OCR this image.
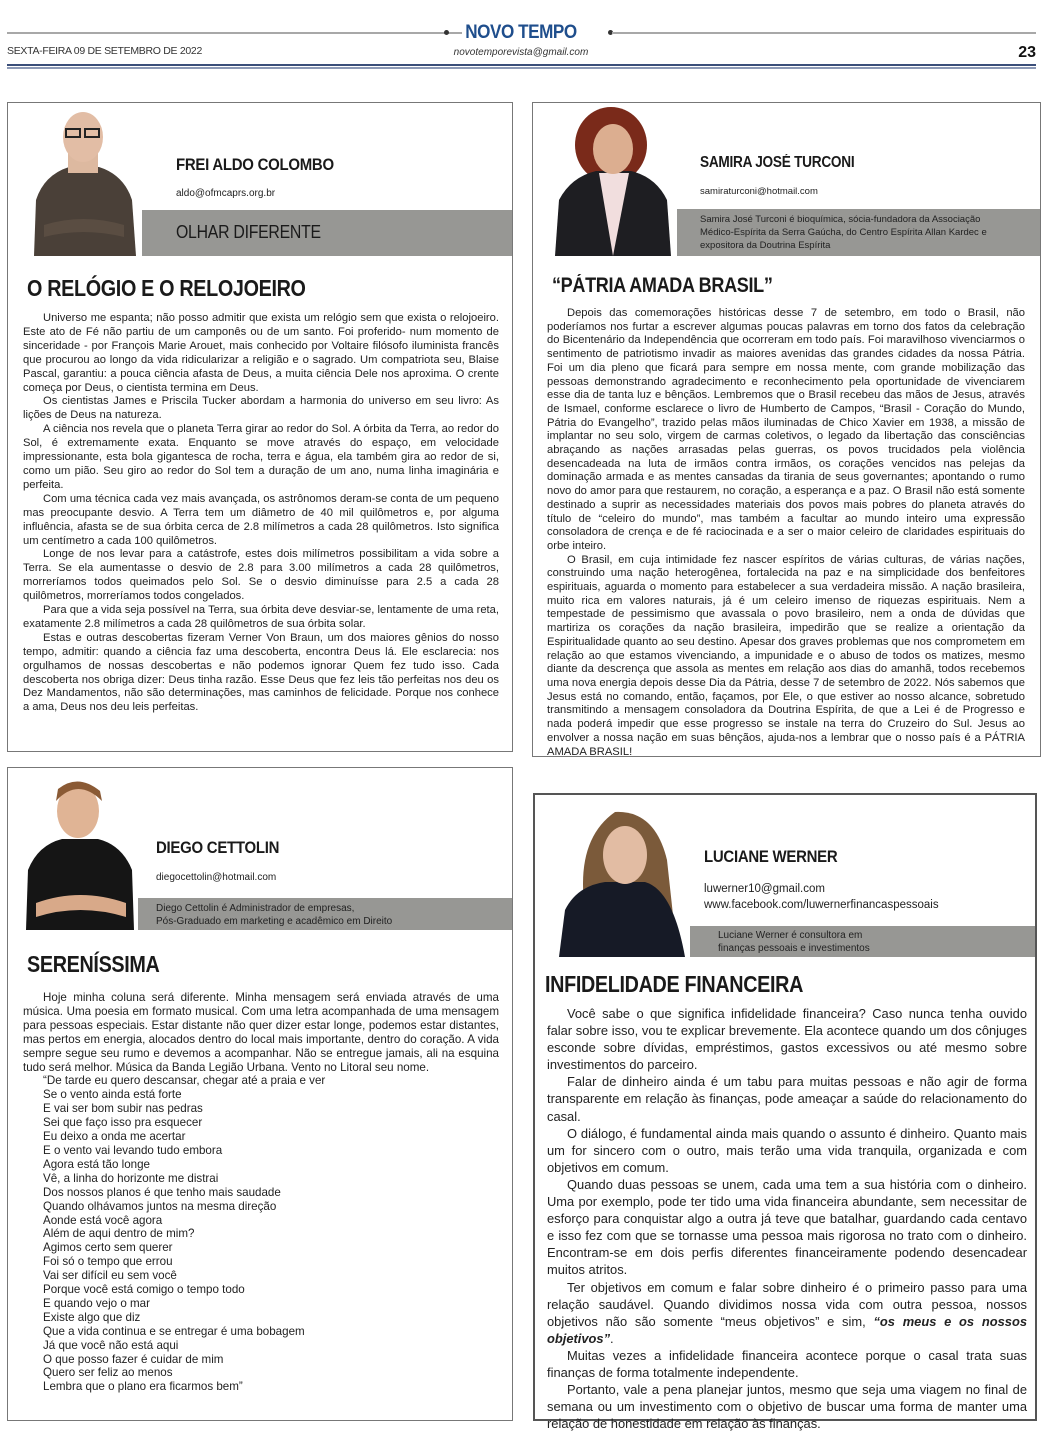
NOVO TEMPO
SEXTA-FEIRA 09 DE SETEMBRO DE 2022	novotemporevista@gmail.com	23
FREI ALDO COLOMBO
aldo@ofmcaprs.org.br
OLHAR DIFERENTE
O RELÓGIO E O RELOJOEIRO

Universo me espanta; não posso admitir que exista um relógio sem que exista o relojoeiro. Este ato de Fé não partiu de um camponês ou de um santo. Foi proferido- num momento de sinceridade - por François Marie Arouet, mais conhecido por Voltaire filósofo iluminista francês que procurou ao longo da vida ridicularizar a religião e o sagrado. Um compatriota seu, Blaise Pascal, garantiu: a pouca ciência afasta de Deus, a muita ciência Dele nos aproxima. O crente começa por Deus, o cientista termina em Deus.

Os cientistas James e Priscila Tucker abordam a harmonia do universo em seu livro: As lições de Deus na natureza.

A ciência nos revela que o planeta Terra girar ao redor do Sol. A órbita da Terra, ao redor do Sol, é extremamente exata. Enquanto se move através do espaço, em velocidade impressionante, esta bola gigantesca de rocha, terra e água, ela também gira ao redor de si, como um pião. Seu giro ao redor do Sol tem a duração de um ano, numa linha imaginária e perfeita.

Com uma técnica cada vez mais avançada, os astrônomos deram-se conta de um pequeno mas preocupante desvio. A Terra tem um diâmetro de 40 mil quilômetros e, por alguma influência, afasta se de sua órbita cerca de 2.8 milímetros a cada 28 quilômetros. Isto significa um centímetro a cada 100 quilômetros.

Longe de nos levar para a catástrofe, estes dois milímetros possibilitam a vida sobre a Terra. Se ela aumentasse o desvio de 2.8 para 3.00 milímetros a cada 28 quilômetros, morreríamos todos queimados pelo Sol. Se o desvio diminuísse para 2.5 a cada 28 quilômetros, morreríamos todos congelados.

Para que a vida seja possível na Terra, sua órbita deve desviar-se, lentamente de uma reta, exatamente 2.8 milímetros a cada 28 quilômetros de sua órbita solar.

Estas e outras descobertas fizeram Verner Von Braun, um dos maiores gênios do nosso tempo, admitir: quando a ciência faz uma descoberta, encontra Deus lá. Ele esclarecia: nos orgulhamos de nossas descobertas e não podemos ignorar Quem fez tudo isso. Cada descoberta nos obriga dizer: Deus tinha razão. Esse Deus que fez leis tão perfeitas nos deu os Dez Mandamentos, não são determinações, mas caminhos de felicidade. Porque nos conhece a ama, Deus nos deu leis perfeitas.

SAMIRA JOSÉ TURCONI
samiraturconi@hotmail.com
Samira José Turconi é bioquímica, sócia-fundadora da Associação
Médico-Espírita da Serra Gaúcha, do Centro Espírita Allan Kardec e
expositora da Doutrina Espírita
“PÁTRIA AMADA BRASIL”

Depois das comemorações históricas desse 7 de setembro, em todo o Brasil, não poderíamos nos furtar a escrever algumas poucas palavras em torno dos fatos da celebração do Bicentenário da Independência que ocorreram em todo país. Foi maravilhoso vivenciarmos o sentimento de patriotismo invadir as maiores avenidas das grandes cidades da nossa Pátria. Foi um dia pleno que ficará para sempre em nossa mente, com grande mobilização das pessoas demonstrando agradecimento e reconhecimento pela oportunidade de vivenciarem esse dia de tanta luz e bênçãos. Lembremos que o Brasil recebeu das mãos de Jesus, através de Ismael, conforme esclarece o livro de Humberto de Campos, “Brasil - Coração do Mundo, Pátria do Evangelho”, trazido pelas mãos iluminadas de Chico Xavier em 1938, a missão de implantar no seu solo, virgem de carmas coletivos, o legado da libertação das consciências abraçando as nações arrasadas pelas guerras, os povos trucidados pela violência desencadeada na luta de irmãos contra irmãos, os corações vencidos nas pelejas da dominação armada e as mentes cansadas da tirania de seus governantes; apontando o rumo novo do amor para que restaurem, no coração, a esperança e a paz. O Brasil não está somente destinado a suprir as necessidades materiais dos povos mais pobres do planeta através do título de “celeiro do mundo”, mas também a facultar ao mundo inteiro uma expressão consoladora de crença e de fé raciocinada e a ser o maior celeiro de claridades espirituais do orbe inteiro.

O Brasil, em cuja intimidade fez nascer espíritos de várias culturas, de várias nações, construindo uma nação heterogênea, fortalecida na paz e na simplicidade dos benfeitores espirituais, aguarda o momento para estabelecer a sua verdadeira missão. A nação brasileira, muito rica em valores naturais, já é um celeiro imenso de riquezas espirituais. Nem a tempestade de pessimismo que avassala o povo brasileiro, nem a onda de dúvidas que martiriza os corações da nação brasileira, impedirão que se realize a orientação da Espiritualidade quanto ao seu destino. Apesar dos graves problemas que nos comprometem em relação ao que estamos vivenciando, a impunidade e o abuso de todos os matizes, mesmo diante da descrença que assola as mentes em relação aos dias do amanhã, todos recebemos uma nova energia depois desse Dia da Pátria, desse 7 de setembro de 2022. Nós sabemos que Jesus está no comando, então, façamos, por Ele, o que estiver ao nosso alcance, sobretudo transmitindo a mensagem consoladora da Doutrina Espírita, de que a Lei é de Progresso e nada poderá impedir que esse progresso se instale na terra do Cruzeiro do Sul. Jesus ao envolver a nossa nação em suas bênçãos, ajuda-nos a lembrar que o nosso país é a PÁTRIA AMADA BRASIL!

DIEGO CETTOLIN
diegocettolin@hotmail.com
Diego Cettolin é Administrador de empresas,
Pós-Graduado em marketing e acadêmico em Direito
SERENÍSSIMA

Hoje minha coluna será diferente. Minha mensagem será enviada através de uma música. Uma poesia em formato musical. Com uma letra acompanhada de uma mensagem para pessoas especiais. Estar distante não quer dizer estar longe, podemos estar distantes, mas pertos em energia, alocados dentro do local mais importante, dentro do coração. A vida sempre segue seu rumo e devemos a acompanhar. Não se entregue jamais, ali na esquina tudo será melhor. Música da Banda Legião Urbana. Vento no Litoral seu nome.

“De tarde eu quero descansar, chegar até a praia e ver

Se o vento ainda está forte

E vai ser bom subir nas pedras

Sei que faço isso pra esquecer

Eu deixo a onda me acertar

E o vento vai levando tudo embora

Agora está tão longe

Vê, a linha do horizonte me distrai

Dos nossos planos é que tenho mais saudade

Quando olhávamos juntos na mesma direção

Aonde está você agora

Além de aqui dentro de mim?

Agimos certo sem querer

Foi só o tempo que errou

Vai ser difícil eu sem você

Porque você está comigo o tempo todo

E quando vejo o mar

Existe algo que diz

Que a vida continua e se entregar é uma bobagem

Já que você não está aqui

O que posso fazer é cuidar de mim

Quero ser feliz ao menos

Lembra que o plano era ficarmos bem”

LUCIANE WERNER
luwerner10@gmail.com
www.facebook.com/luwernerfinancaspessoais
Luciane Werner é consultora em
finanças pessoais e investimentos
INFIDELIDADE FINANCEIRA

Você sabe o que significa infidelidade financeira? Caso nunca tenha ouvido falar sobre isso, vou te explicar brevemente. Ela acontece quando um dos cônjuges esconde sobre dívidas, empréstimos, gastos excessivos ou até mesmo sobre investimentos do parceiro.

Falar de dinheiro ainda é um tabu para muitas pessoas e não agir de forma transparente em relação às finanças, pode ameaçar a saúde do relacionamento do casal.

O diálogo, é fundamental ainda mais quando o assunto é dinheiro. Quanto mais um for sincero com o outro, mais terão uma vida tranquila, organizada e com objetivos em comum.

Quando duas pessoas se unem, cada uma tem a sua história com o dinheiro. Uma por exemplo, pode ter tido uma vida financeira abundante, sem necessitar de esforço para conquistar algo a outra já teve que batalhar, guardando cada centavo e isso fez com que se tornasse uma pessoa mais rigorosa no trato com o dinheiro. Encontram-se em dois perfis diferentes financeiramente podendo desencadear muitos atritos.

Ter objetivos em comum e falar sobre dinheiro é o primeiro passo para uma relação saudável. Quando dividimos nossa vida com outra pessoa, nossos objetivos não são somente “meus objetivos” e sim, “os meus e os nossos objetivos”.

Muitas vezes a infidelidade financeira acontece porque o casal trata suas finanças de forma totalmente independente.

Portanto, vale a pena planejar juntos, mesmo que seja uma viagem no final de semana ou um investimento com o objetivo de buscar uma forma de manter uma relação de honestidade em relação às finanças.
